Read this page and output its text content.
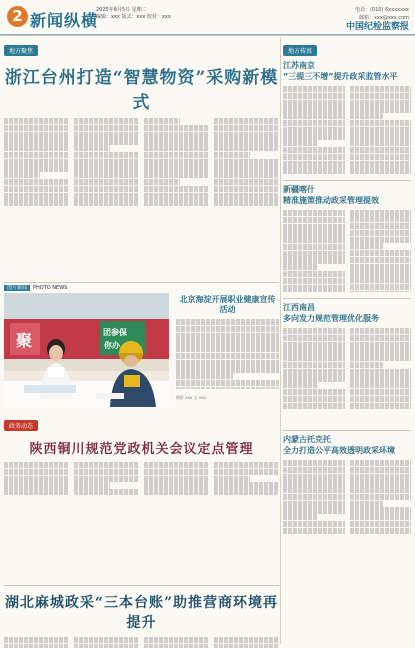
2 新闻纵横
2025年8月5日 星期二
编辑：xxx 版式：xxx 校对：xxx
电话：(010) 6xxxxxxx
邮箱：xxx@xxx.com
中国纪检监察报
地方聚焦
浙江台州打造“智慧物资”采购新模式
图片新闻 PHOTO NEWS
聚	团参保
你办
北京海淀开展职业健康宣传活动
摄影 xxx 文 xxx
政务动态
陕西铜川规范党政机关会议定点管理
湖北麻城政采“三本台账”助推营商环境再提升
地方传真
江苏南京
“三提三不增”提升政采监管水平
新疆喀什
精准施策推动政采管理提效
江西南昌
多向发力规范管理优化服务
内蒙古托克托
全力打造公平高效透明政采环境
